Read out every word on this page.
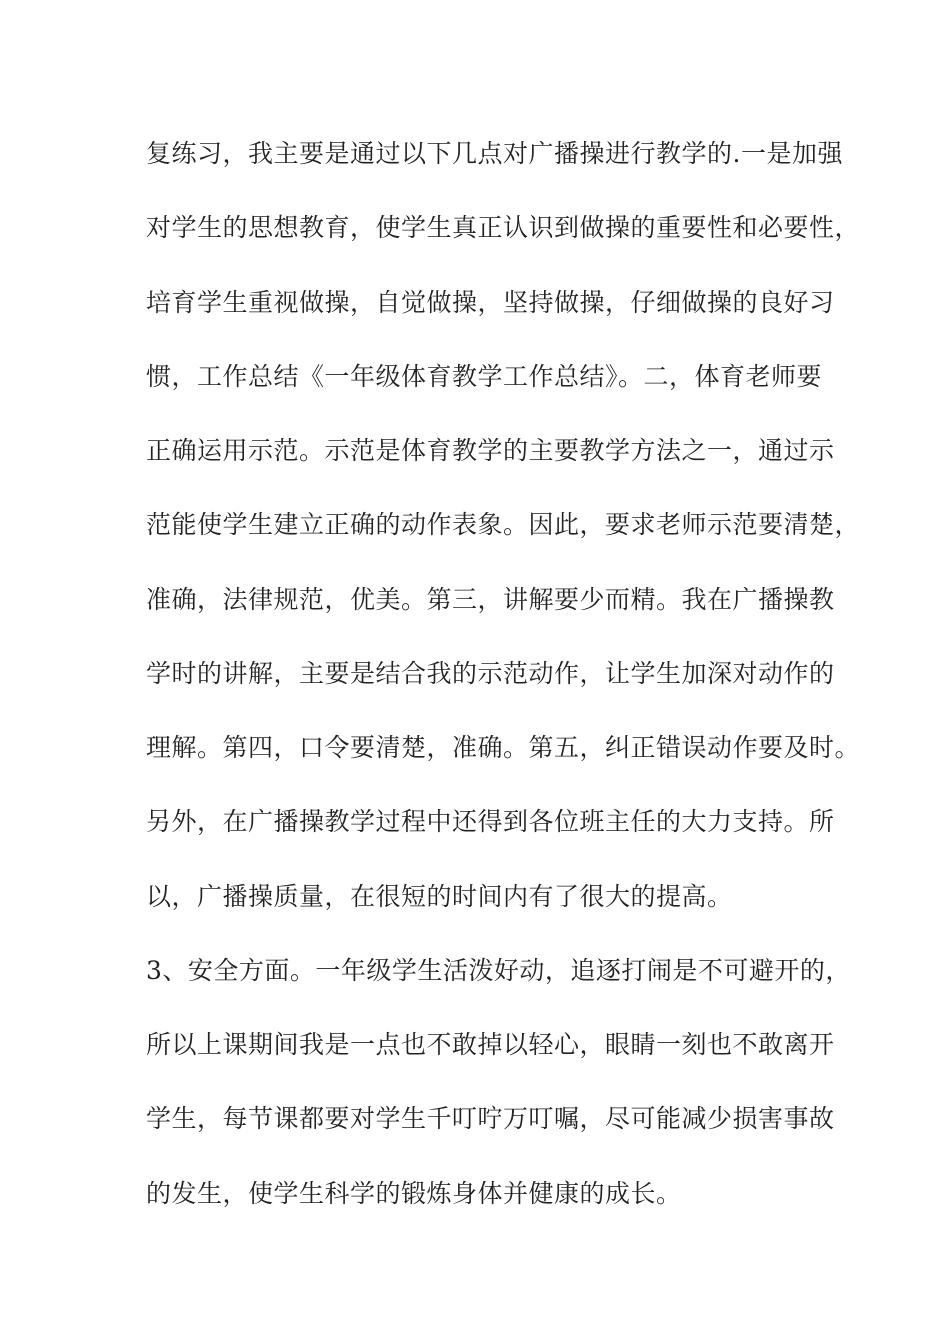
复练习，我主要是通过以下几点对广播操进行教学的.一是加强
对学生的思想教育，使学生真正认识到做操的重要性和必要性，
培育学生重视做操，自觉做操，坚持做操，仔细做操的良好习
惯，工作总结《一年级体育教学工作总结》。二，体育老师要
正确运用示范。示范是体育教学的主要教学方法之一，通过示
范能使学生建立正确的动作表象。因此，要求老师示范要清楚，
准确，法律规范，优美。第三，讲解要少而精。我在广播操教
学时的讲解，主要是结合我的示范动作，让学生加深对动作的
理解。第四，口令要清楚，准确。第五，纠正错误动作要及时。
另外，在广播操教学过程中还得到各位班主任的大力支持。所
以，广播操质量，在很短的时间内有了很大的提高。
3、安全方面。一年级学生活泼好动，追逐打闹是不可避开的，
所以上课期间我是一点也不敢掉以轻心，眼睛一刻也不敢离开
学生，每节课都要对学生千叮咛万叮嘱，尽可能减少损害事故
的发生，使学生科学的锻炼身体并健康的成长。
